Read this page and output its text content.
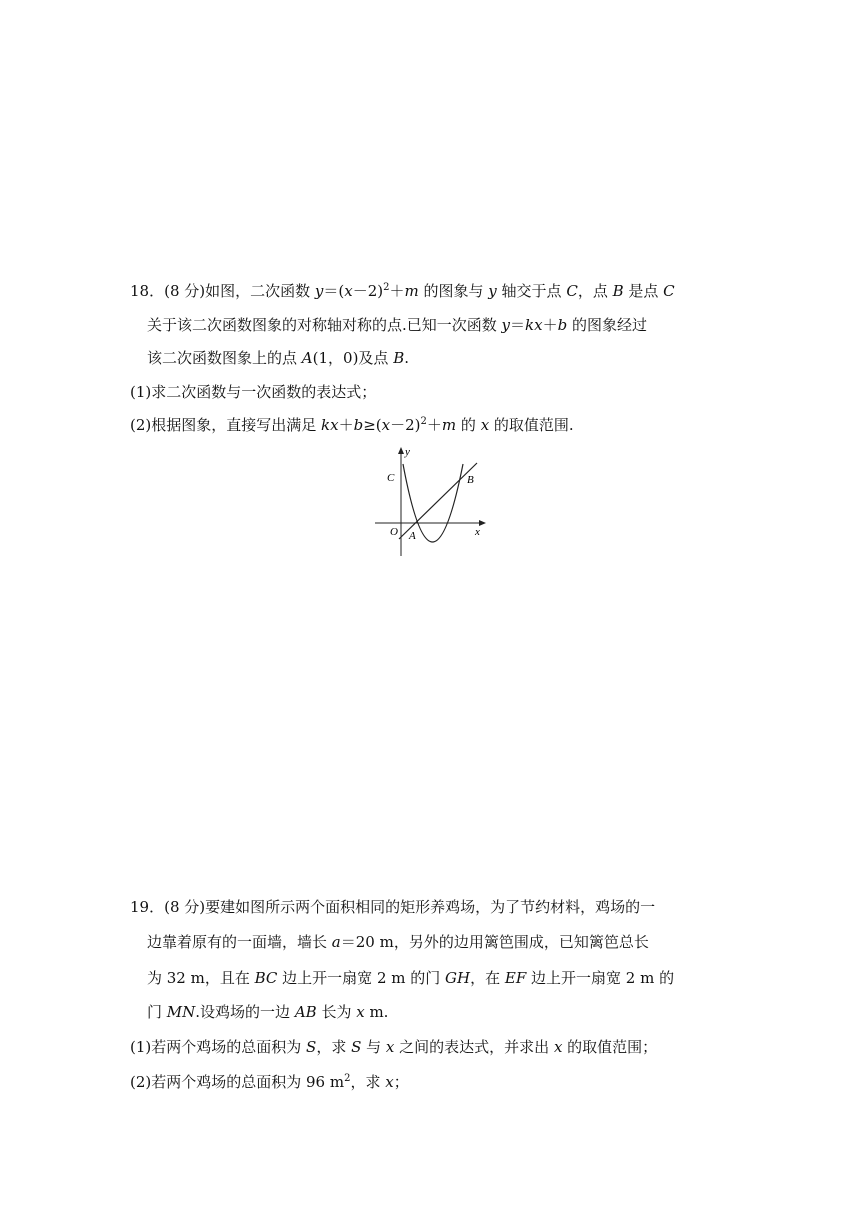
18．(8 分)如图，二次函数 $y=(x-2)^2+m$ 的图象与 y 轴交于点 C，点 B 是点 C
关于该二次函数图象的对称轴对称的点.已知一次函数 y＝kx＋b 的图象经过
该二次函数图象上的点 A(1，0)及点 B.
(1)求二次函数与一次函数的表达式；
(2)根据图象，直接写出满足 $kx+b\ge(x-2)^2+m$ 的 x 的取值范围.
y
x
C	B
O A
19．(8 分)要建如图所示两个面积相同的矩形养鸡场，为了节约材料，鸡场的一
边靠着原有的一面墙，墙长 a＝20 m，另外的边用篱笆围成，已知篱笆总长
为 32 m，且在 BC 边上开一扇宽 2 m 的门 GH，在 EF 边上开一扇宽 2 m 的
门 MN.设鸡场的一边 AB 长为 x m.
(1)若两个鸡场的总面积为 S，求 S 与 x 之间的表达式，并求出 x 的取值范围；
(2)若两个鸡场的总面积为 96 $m^2$，求 x；
